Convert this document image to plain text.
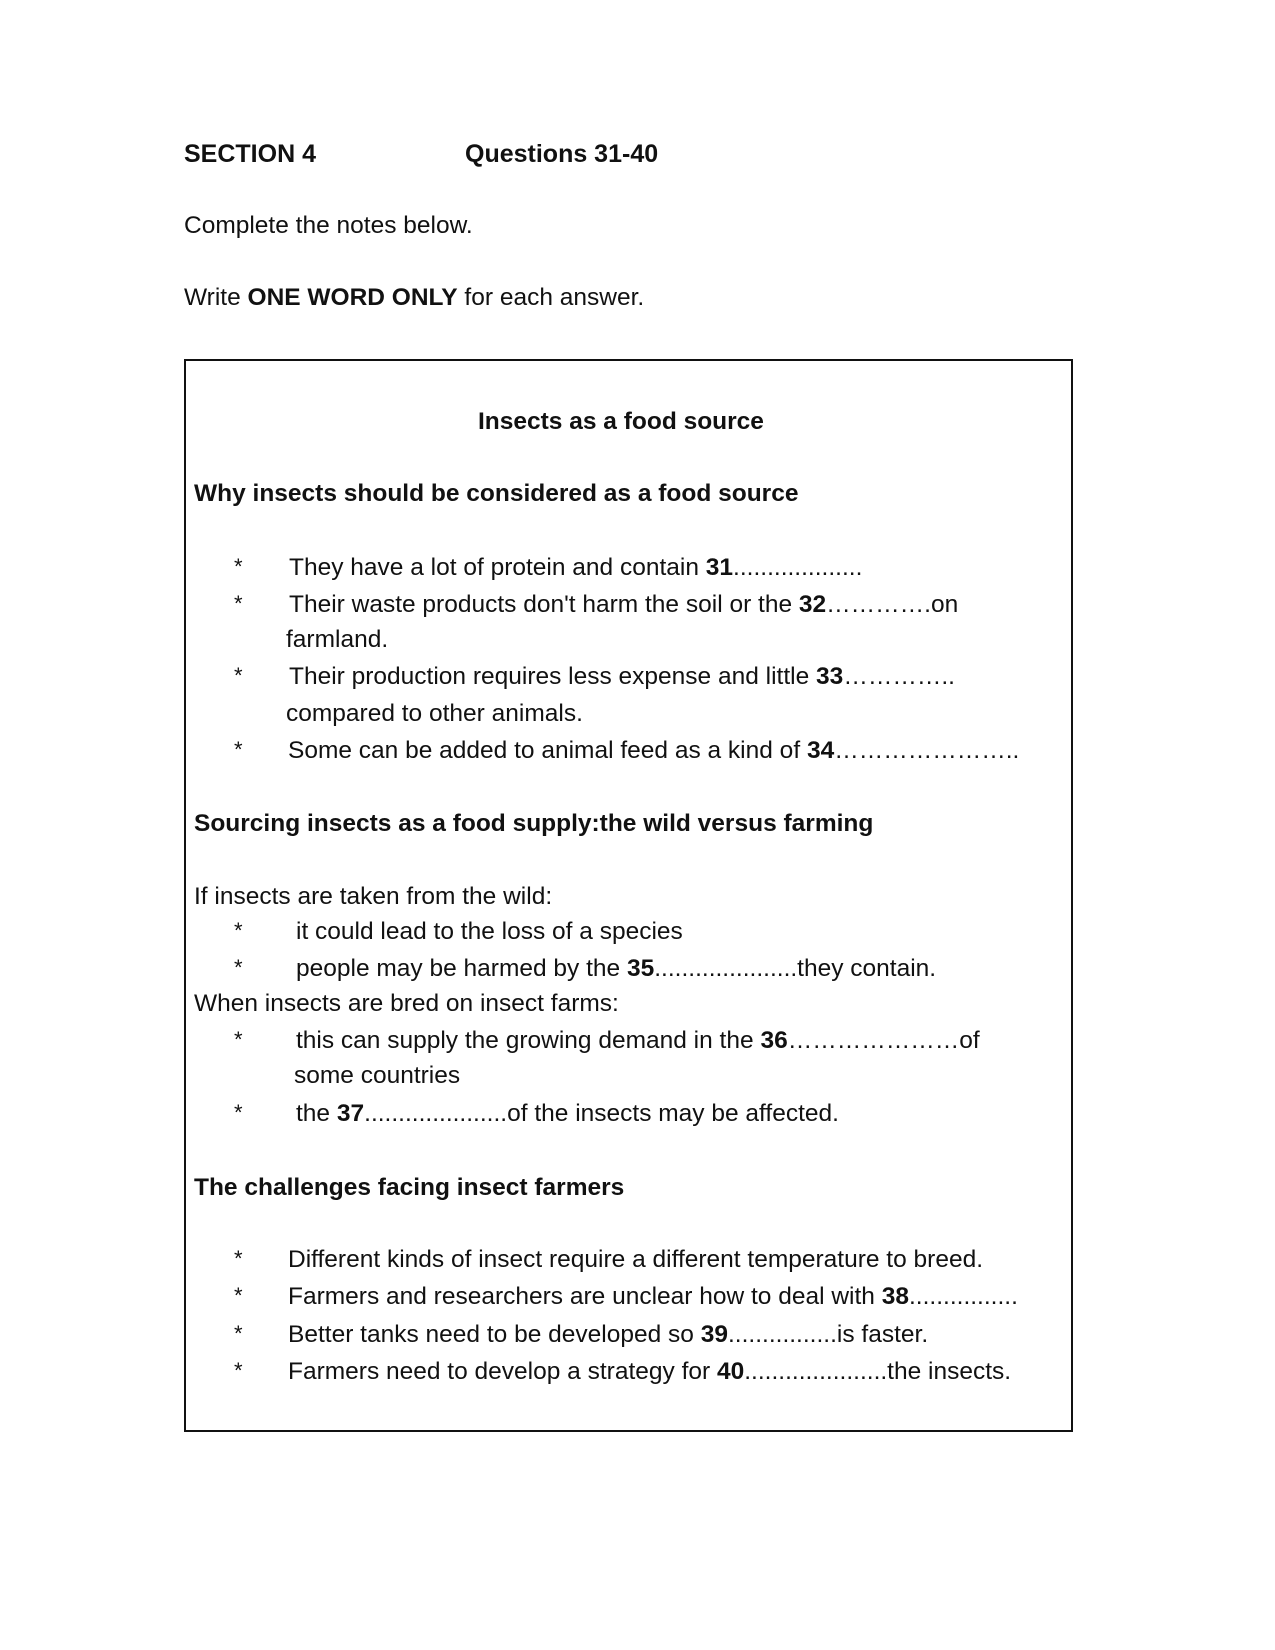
SECTION 4	Questions 31-40
Complete the notes below.
Write ONE WORD ONLY for each answer.
Insects as a food source
Why insects should be considered as a food source
* They have a lot of protein and contain 31...................
* Their waste products don't harm the soil or the 32………….on
farmland.
* Their production requires less expense and little 33…………..
compared to other animals.
* Some can be added to animal feed as a kind of 34…………………..
Sourcing insects as a food supply:the wild versus farming
If insects are taken from the wild:
* it could lead to the loss of a species
* people may be harmed by the 35.....................they contain.
When insects are bred on insect farms:
* this can supply the growing demand in the 36…………………of
some countries
* the 37.....................of the insects may be affected.
The challenges facing insect farmers
* Different kinds of insect require a different temperature to breed.
* Farmers and researchers are unclear how to deal with 38................
* Better tanks need to be developed so 39................is faster.
* Farmers need to develop a strategy for 40.....................the insects.
